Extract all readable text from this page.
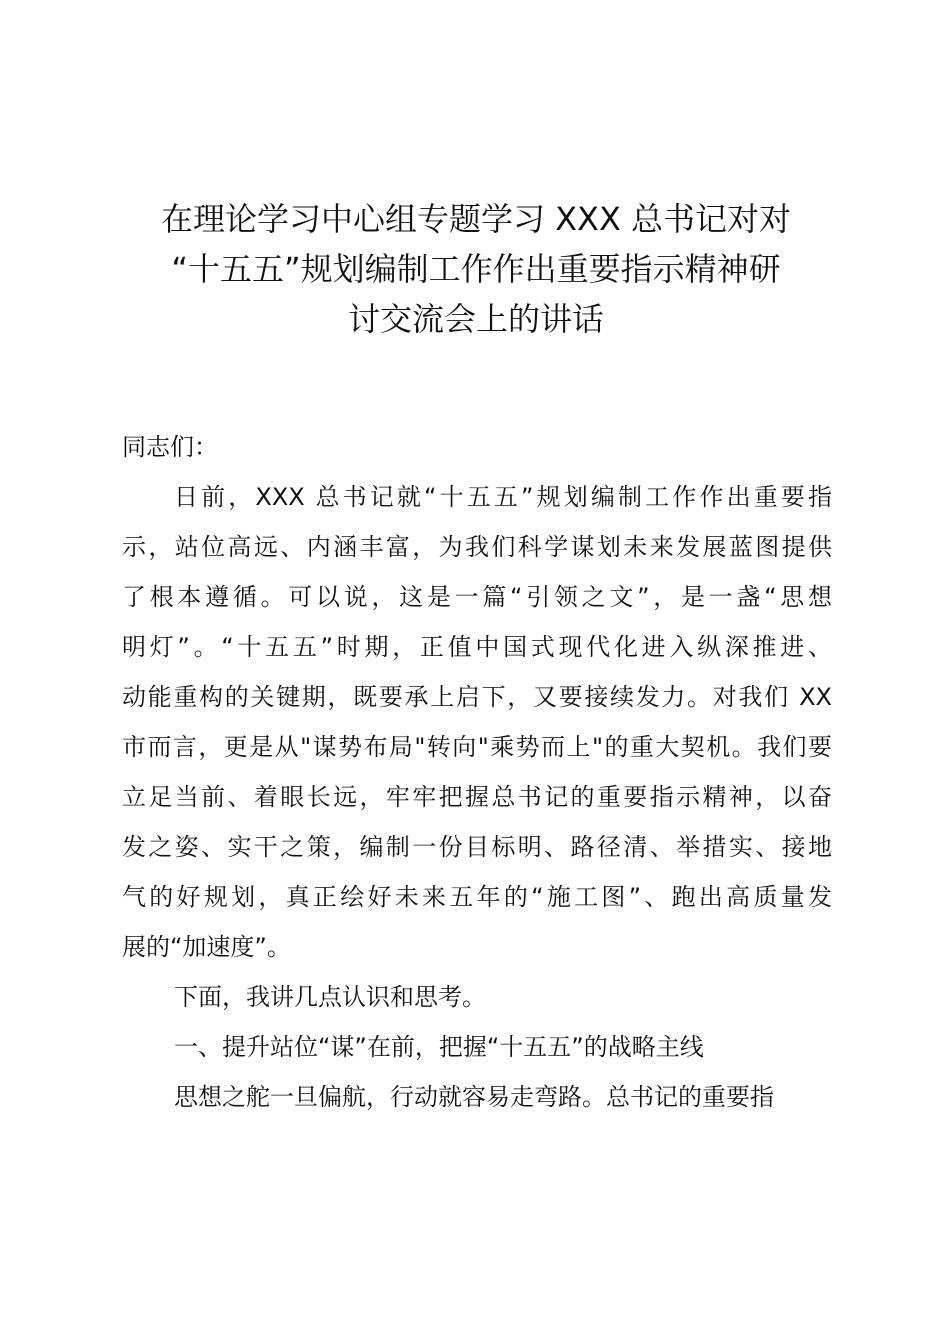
在理论学习中心组专题学习 XXX 总书记对对
“十五五”规划编制工作作出重要指示精神研
讨交流会上的讲话

同志们：

日前，XXX 总书记就“十五五”规划编制工作作出重要指

示，站位高远、内涵丰富，为我们科学谋划未来发展蓝图提供

了根本遵循。可以说，这是一篇“引领之文”，是一盏“思想

明灯”。“十五五”时期，正值中国式现代化进入纵深推进、

动能重构的关键期，既要承上启下，又要接续发力。对我们 XX

市而言，更是从"谋势布局"转向"乘势而上"的重大契机。我们要

立足当前、着眼长远，牢牢把握总书记的重要指示精神，以奋

发之姿、实干之策，编制一份目标明、路径清、举措实、接地

气的好规划，真正绘好未来五年的“施工图”、跑出高质量发

展的“加速度”。

下面，我讲几点认识和思考。

一、提升站位“谋”在前，把握“十五五”的战略主线

思想之舵一旦偏航，行动就容易走弯路。总书记的重要指
